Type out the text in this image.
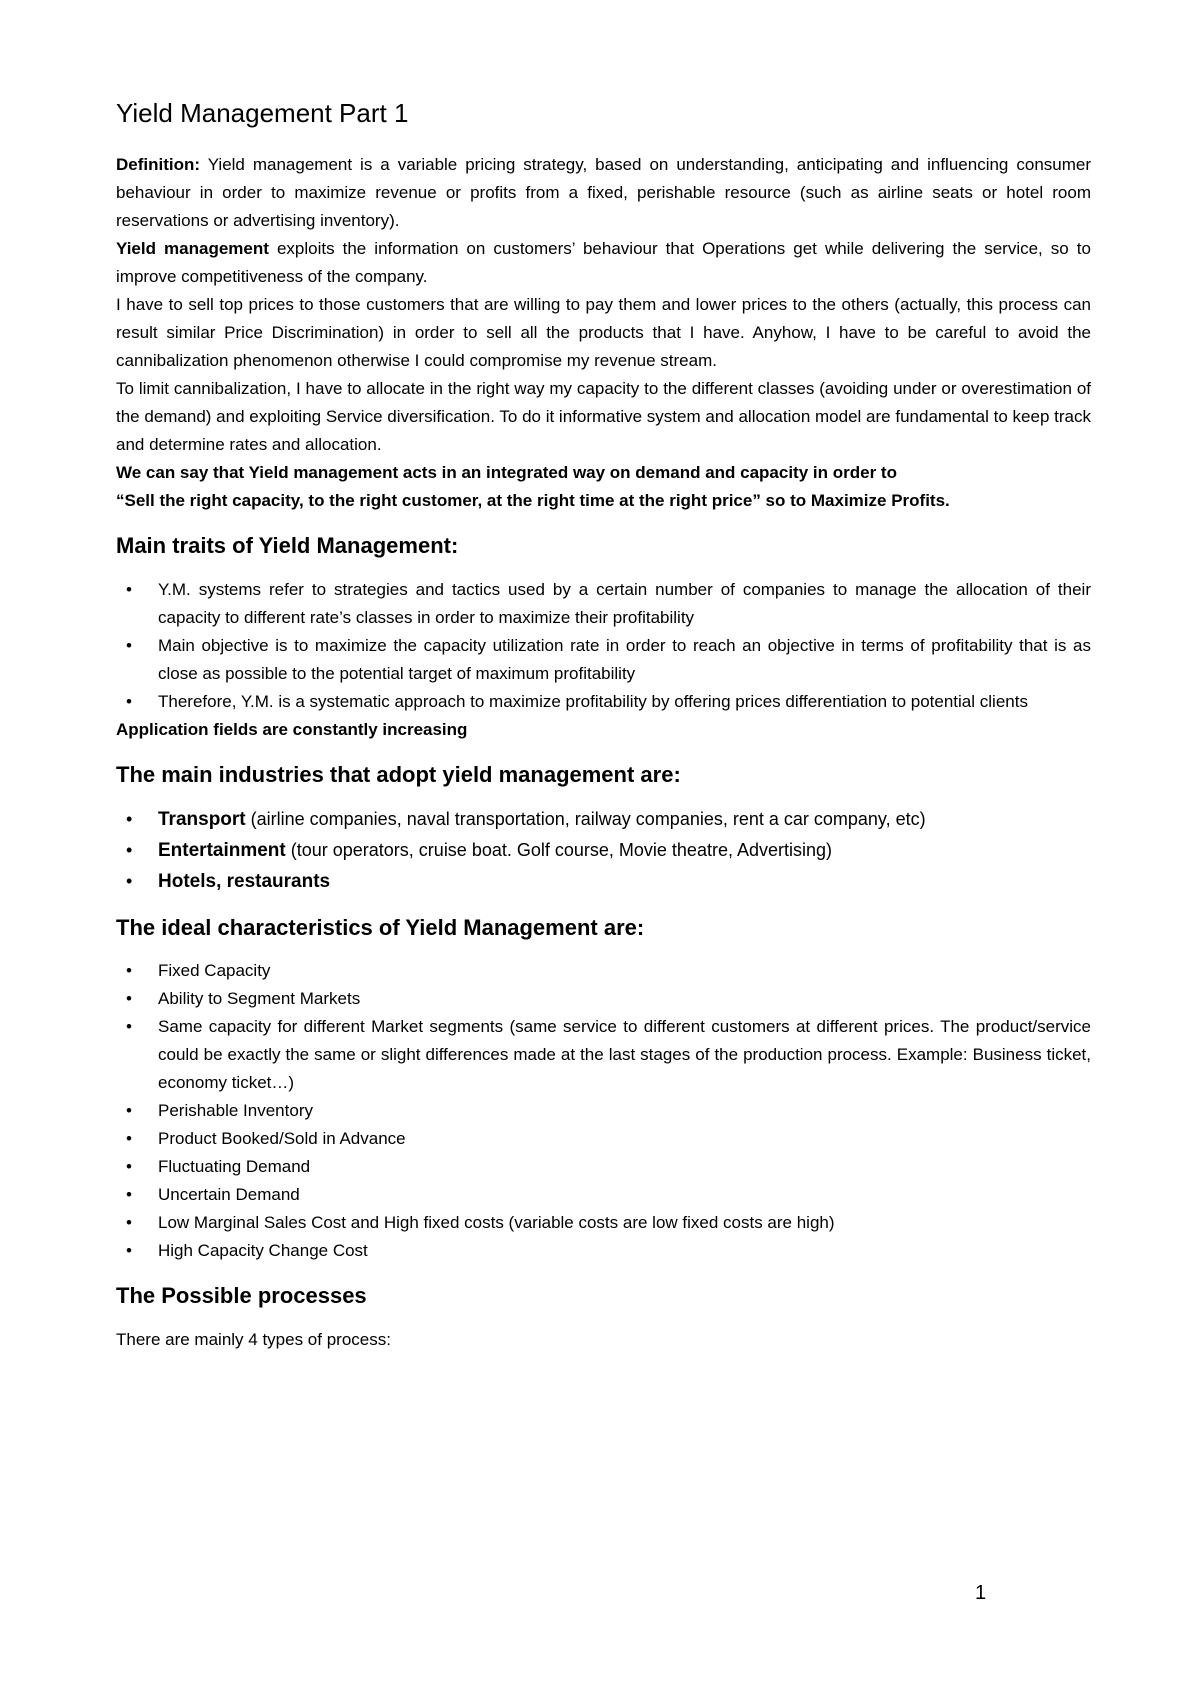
Yield Management Part 1

Definition: Yield management is a variable pricing strategy, based on understanding, anticipating and influencing consumer behaviour in order to maximize revenue or profits from a fixed, perishable resource (such as airline seats or hotel room reservations or advertising inventory).

Yield management exploits the information on customers’ behaviour that Operations get while delivering the service, so to improve competitiveness of the company.

I have to sell top prices to those customers that are willing to pay them and lower prices to the others (actually, this process can result similar Price Discrimination) in order to sell all the products that I have. Anyhow, I have to be careful to avoid the cannibalization phenomenon otherwise I could compromise my revenue stream.

To limit cannibalization, I have to allocate in the right way my capacity to the different classes (avoiding under or overestimation of the demand) and exploiting Service diversification. To do it informative system and allocation model are fundamental to keep track and determine rates and allocation.

We can say that Yield management acts in an integrated way on demand and capacity in order to

“Sell the right capacity, to the right customer, at the right time at the right price” so to Maximize Profits.

Main traits of Yield Management:
• Y.M. systems refer to strategies and tactics used by a certain number of companies to manage the allocation of their capacity to different rate’s classes in order to maximize their profitability
• Main objective is to maximize the capacity utilization rate in order to reach an objective in terms of profitability that is as close as possible to the potential target of maximum profitability
• Therefore, Y.M. is a systematic approach to maximize profitability by offering prices differentiation to potential clients

Application fields are constantly increasing

The main industries that adopt yield management are:
• Transport (airline companies, naval transportation, railway companies, rent a car company, etc)
• Entertainment (tour operators, cruise boat. Golf course, Movie theatre, Advertising)
• Hotels, restaurants
The ideal characteristics of Yield Management are:
• Fixed Capacity
• Ability to Segment Markets
• Same capacity for different Market segments (same service to different customers at different prices. The product/service could be exactly the same or slight differences made at the last stages of the production process. Example: Business ticket, economy ticket…)
• Perishable Inventory
• Product Booked/Sold in Advance
• Fluctuating Demand
• Uncertain Demand
• Low Marginal Sales Cost and High fixed costs (variable costs are low fixed costs are high)
• High Capacity Change Cost
The Possible processes

There are mainly 4 types of process:

1
